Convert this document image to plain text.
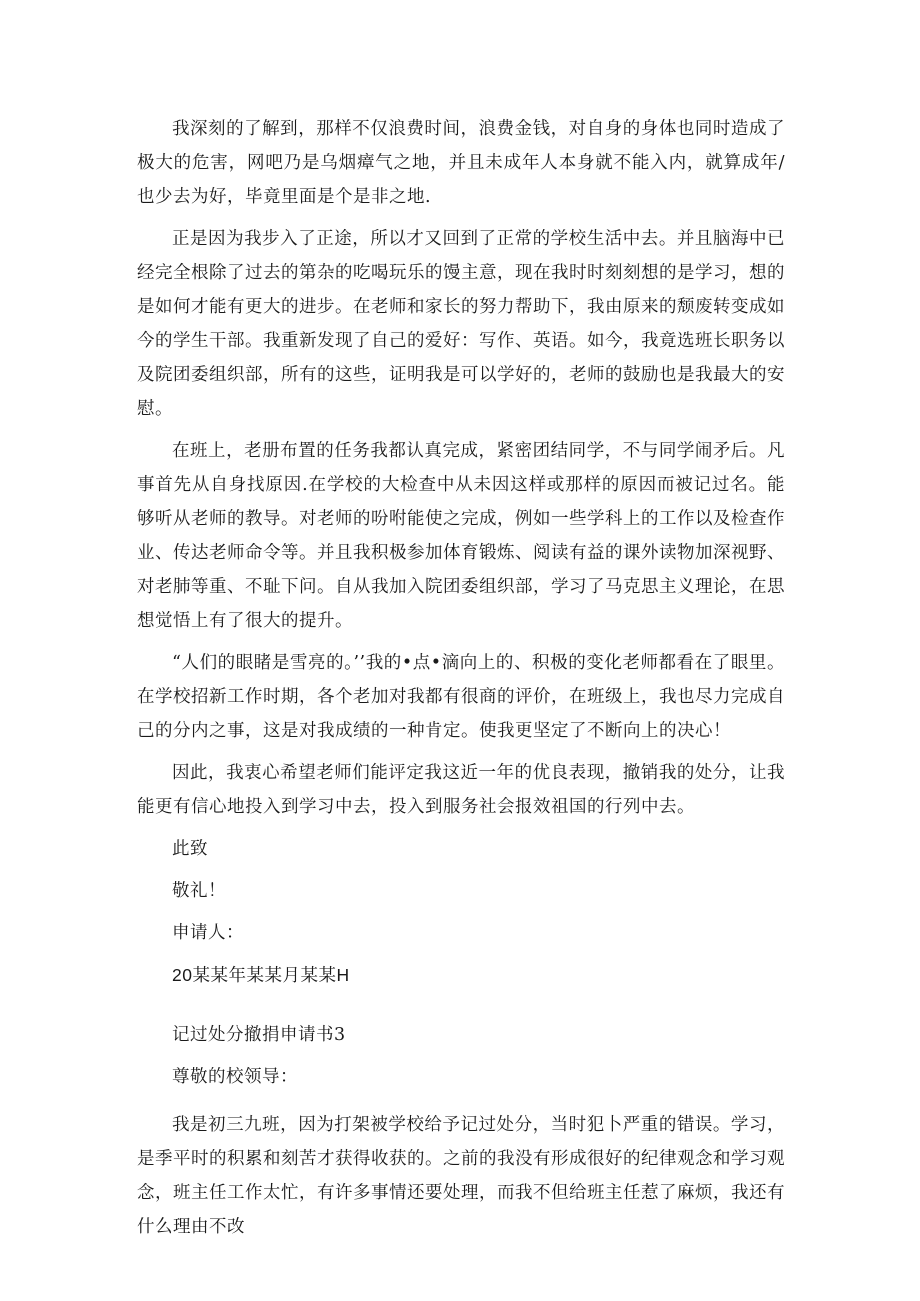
我深刻的了解到，那样不仅浪费时间，浪费金钱，对自身的身体也同时造成了极大的危害，网吧乃是乌烟瘴气之地，并且未成年人本身就不能入内，就算成年/也少去为好，毕竟里面是个是非之地.

正是因为我步入了正途，所以才又回到了正常的学校生活中去。并且脑海中已经完全根除了过去的第杂的吃喝玩乐的馒主意，现在我时时刻刻想的是学习，想的是如何才能有更大的进步。在老师和家长的努力帮助下，我由原来的颓废转变成如今的学生干部。我重新发现了自己的爱好：写作、英语。如今，我竟选班长职务以及院团委组织部，所有的这些，证明我是可以学好的，老师的鼓励也是我最大的安慰。

在班上，老册布置的任务我都认真完成，紧密团结同学，不与同学闹矛后。凡事首先从自身找原因.在学校的大检查中从未因这样或那样的原因而被记过名。能够听从老师的教导。对老师的吩咐能使之完成，例如一些学科上的工作以及检查作业、传达老师命令等。并且我积极参加体育锻炼、阅读有益的课外读物加深视野、对老肺等重、不耻下问。自从我加入院团委组织部，学习了马克思主义理论，在思想觉悟上有了很大的提升。

“人们的眼睹是雪亮的。’’我的•点•滴向上的、积极的变化老师都看在了眼里。在学校招新工作时期，各个老加对我都有很商的评价，在班级上，我也尽力完成自己的分内之事，这是对我成绩的一种肯定。使我更坚定了不断向上的决心！

因此，我衷心希望老师们能评定我这近一年的优良表现，撤销我的处分，让我能更有信心地投入到学习中去，投入到服务社会报效祖国的行列中去。

此致
敬礼！
申请人：
20某某年某某月某某H
记过处分撤捐申请书3
尊敬的校领导：

我是初三九班，因为打架被学校给予记过处分，当时犯卜严重的错误。学习，是季平时的积累和刻苦才获得收获的。之前的我没有形成很好的纪律观念和学习观念，班主任工作太忙，有许多事情还要处理，而我不但给班主任惹了麻烦，我还有什么理由不改
